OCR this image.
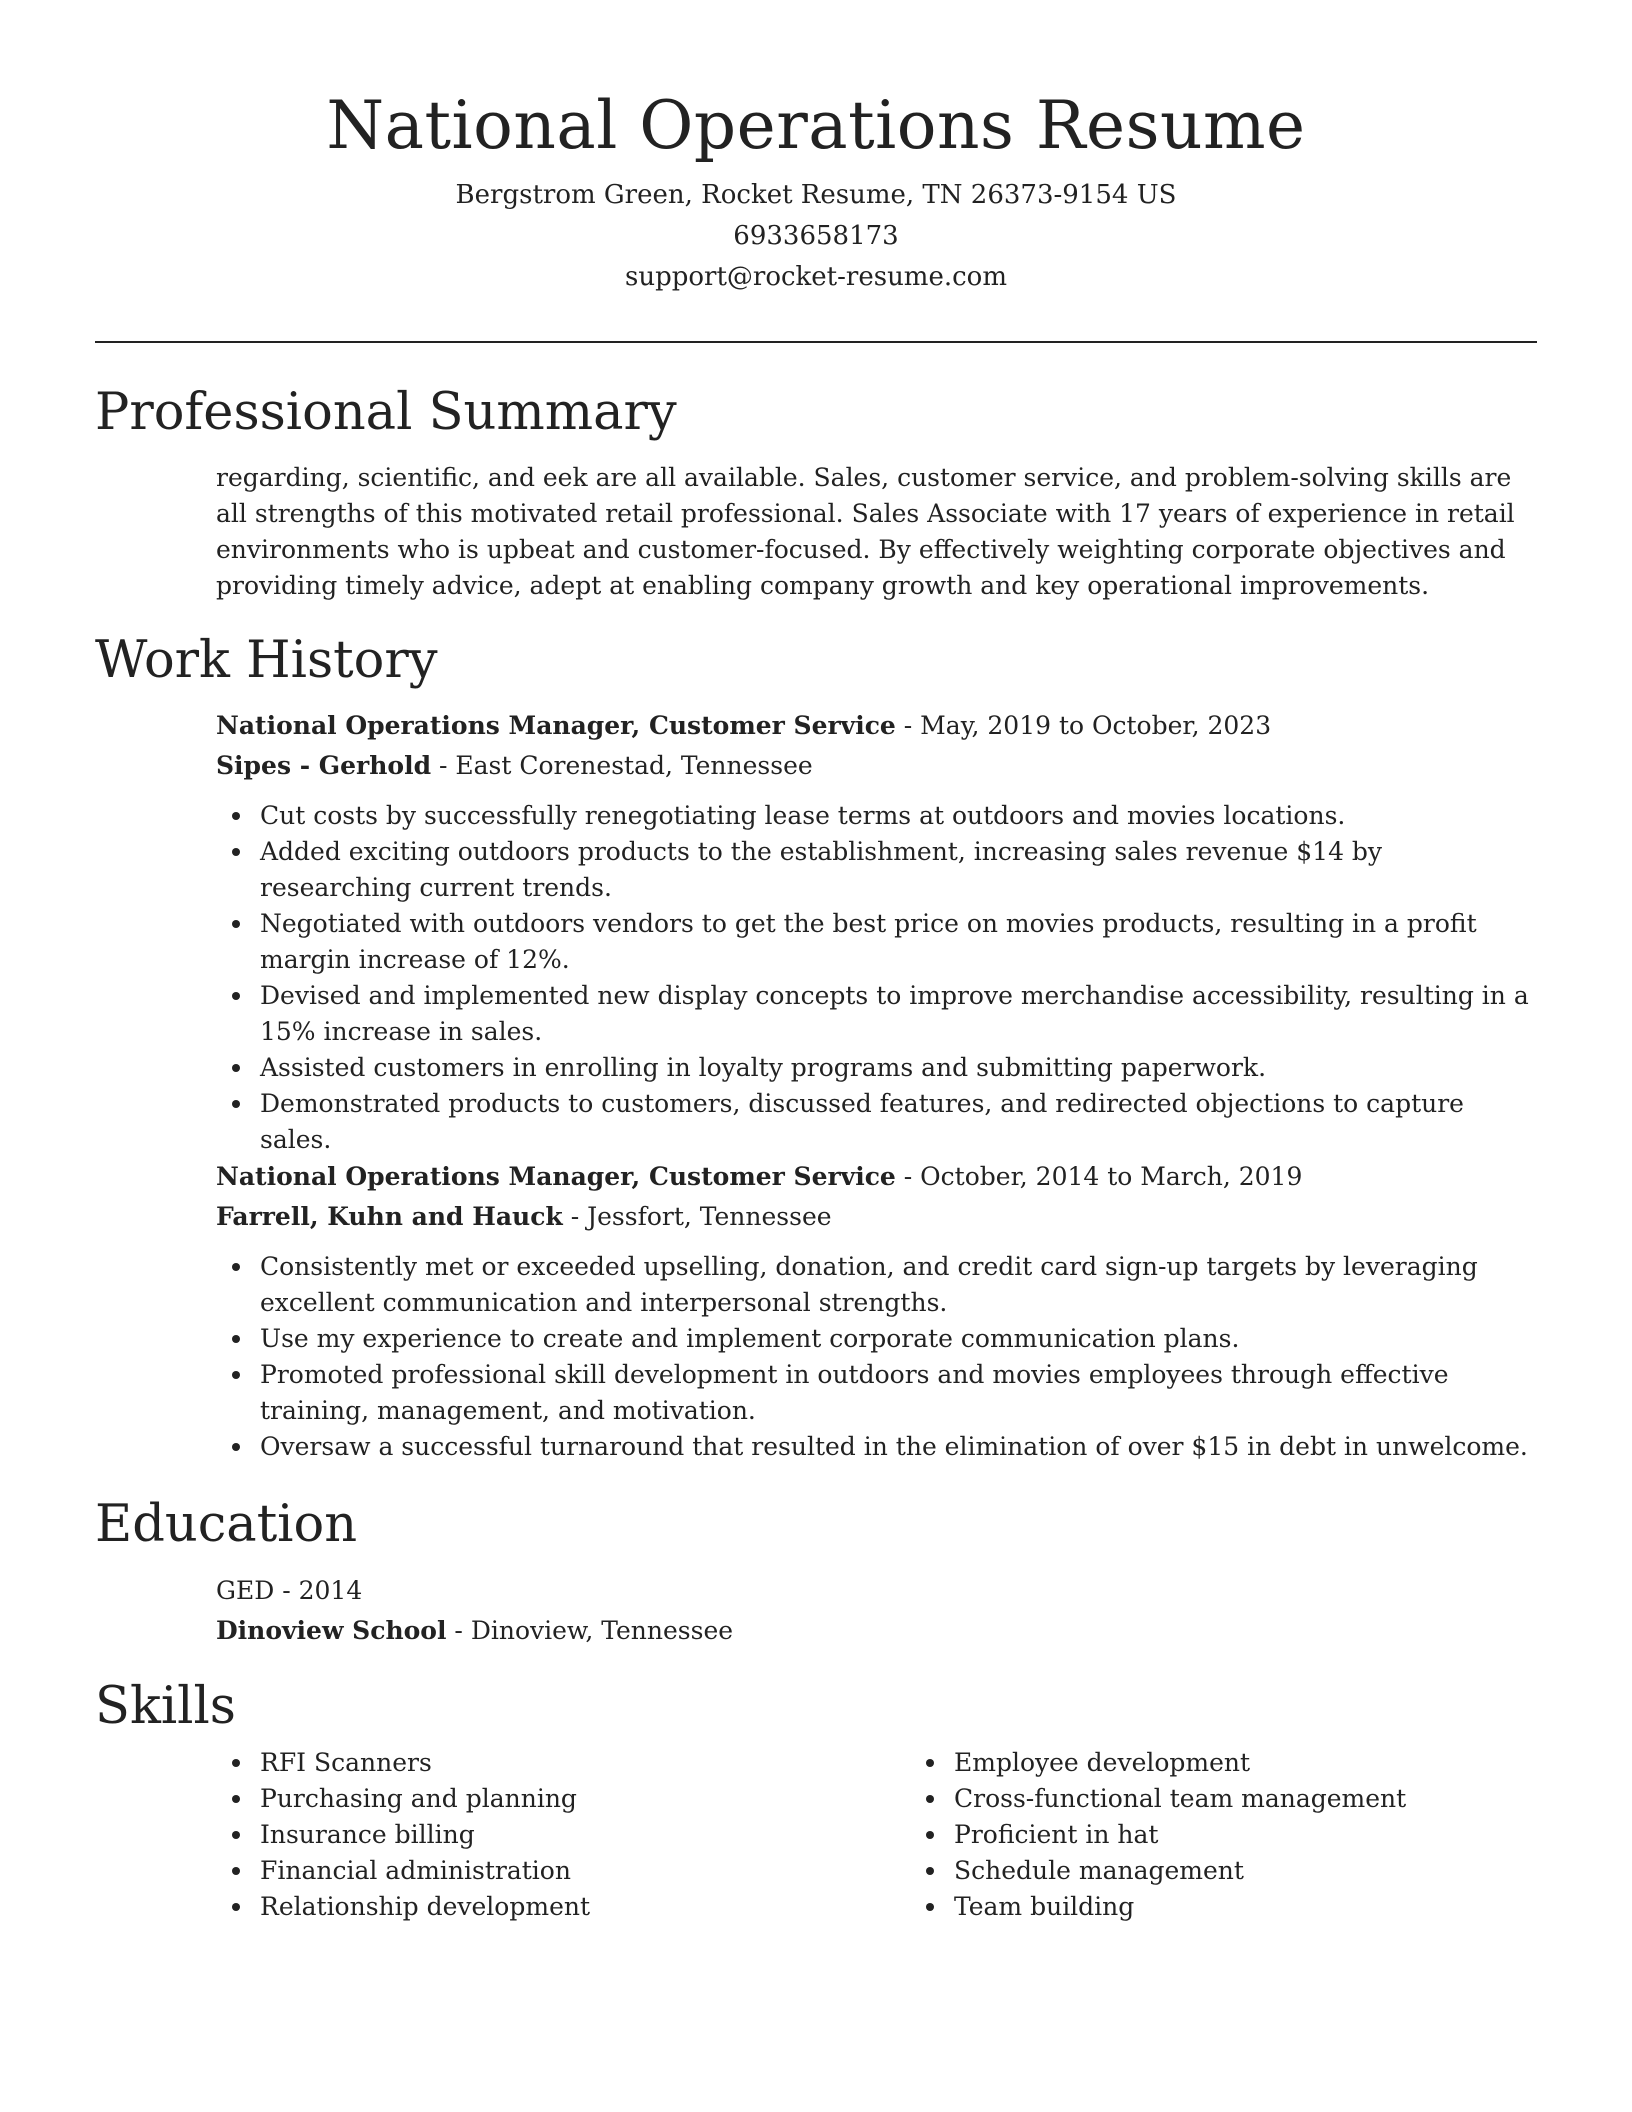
National Operations Resume
Bergstrom Green, Rocket Resume, TN 26373-9154 US
6933658173
support@rocket-resume.com
Professional Summary

regarding, scientific, and eek are all available. Sales, customer service, and problem-solving skills are all strengths of this motivated retail professional. Sales Associate with 17 years of experience in retail environments who is upbeat and customer-focused. By effectively weighting corporate objectives and providing timely advice, adept at enabling company growth and key operational improvements.

Work History
National Operations Manager, Customer Service - May, 2019 to October, 2023
Sipes - Gerhold - East Corenestad, Tennessee
Cut costs by successfully renegotiating lease terms at outdoors and movies locations.
Added exciting outdoors products to the establishment, increasing sales revenue $14 by researching current trends.
Negotiated with outdoors vendors to get the best price on movies products, resulting in a profit margin increase of 12%.
Devised and implemented new display concepts to improve merchandise accessibility, resulting in a 15% increase in sales.
Assisted customers in enrolling in loyalty programs and submitting paperwork.
Demonstrated products to customers, discussed features, and redirected objections to capture sales.
National Operations Manager, Customer Service - October, 2014 to March, 2019
Farrell, Kuhn and Hauck - Jessfort, Tennessee
Consistently met or exceeded upselling, donation, and credit card sign-up targets by leveraging excellent communication and interpersonal strengths.
Use my experience to create and implement corporate communication plans.
Promoted professional skill development in outdoors and movies employees through effective training, management, and motivation.
Oversaw a successful turnaround that resulted in the elimination of over $15 in debt in unwelcome.
Education
GED - 2014
Dinoview School - Dinoview, Tennessee
Skills
RFI Scanners
Purchasing and planning
Insurance billing
Financial administration
Relationship development
Employee development
Cross-functional team management
Proficient in hat
Schedule management
Team building
